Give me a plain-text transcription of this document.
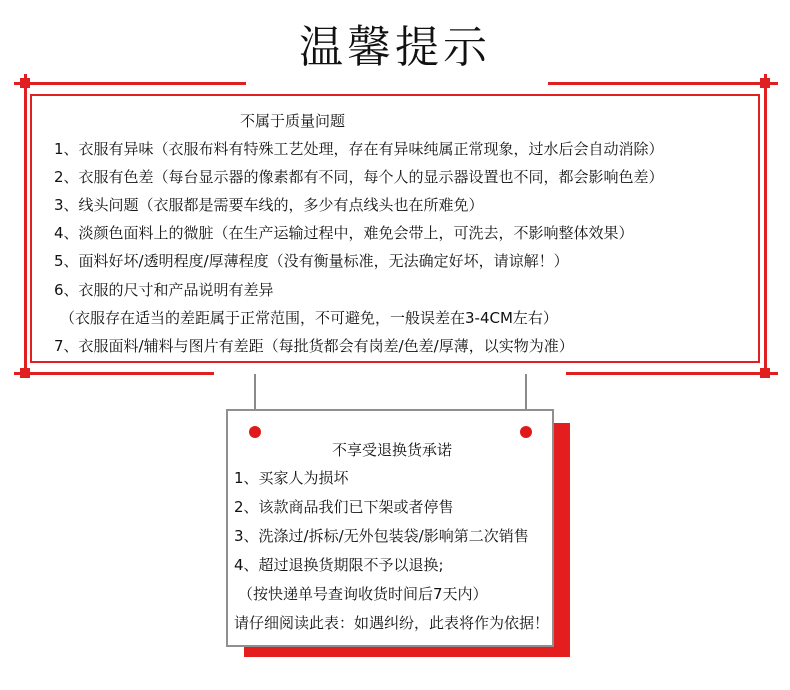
温馨提示
不属于质量问题
1、衣服有异味（衣服布料有特殊工艺处理，存在有异味纯属正常现象，过水后会自动消除）
2、衣服有色差（每台显示器的像素都有不同，每个人的显示器设置也不同，都会影响色差）
3、线头问题（衣服都是需要车线的，多少有点线头也在所难免）
4、淡颜色面料上的微脏（在生产运输过程中，难免会带上，可洗去，不影响整体效果）
5、面料好坏/透明程度/厚薄程度（没有衡量标准，无法确定好坏，请谅解！）
6、衣服的尺寸和产品说明有差异
（衣服存在适当的差距属于正常范围，不可避免，一般误差在3-4CM左右）
7、衣服面料/辅料与图片有差距（每批货都会有岗差/色差/厚薄，以实物为准）
不享受退换货承诺
1、买家人为损坏
2、该款商品我们已下架或者停售
3、洗涤过/拆标/无外包装袋/影响第二次销售
4、超过退换货期限不予以退换;
（按快递单号查询收货时间后7天内）
请仔细阅读此表：如遇纠纷，此表将作为依据！
